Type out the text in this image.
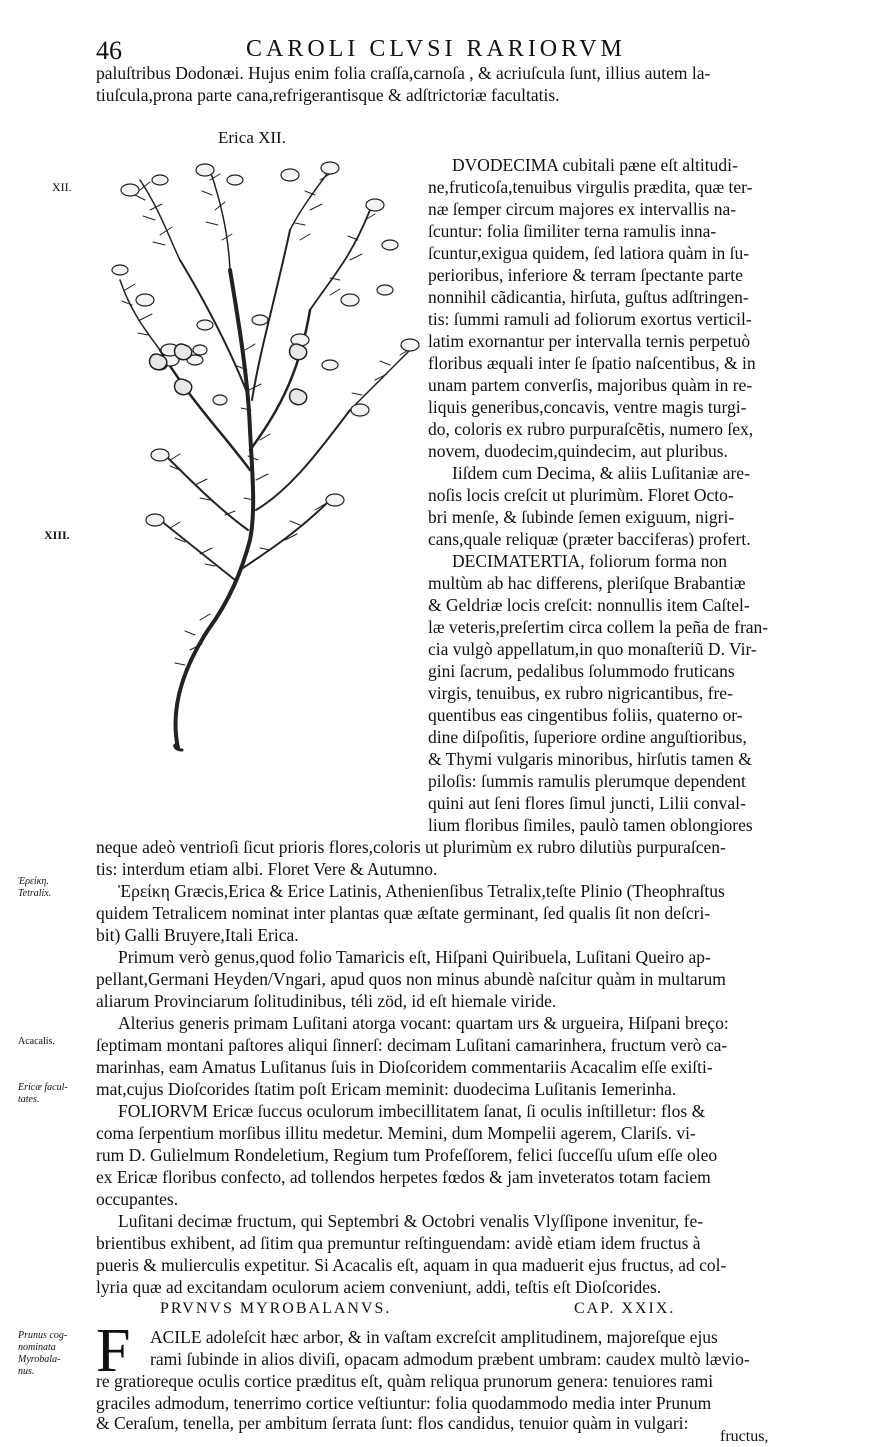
46	CAROLI CLVSI RARIORVM
paluſtribus Dodonæi. Hujus enim folia craſſa,carnoſa , & acriuſcula ſunt, illius autem la-
tiuſcula,prona parte cana,refrigerantisque & adſtrictoriæ facultatis.
Erica XII.
XII.
XIII.
DVODECIMA cubitali pæne eſt altitudi-
ne,fruticoſa,tenuibus virgulis prædita, quæ ter-
næ ſemper circum majores ex intervallis na-
ſcuntur: folia ſimiliter terna ramulis inna-
ſcuntur,exigua quidem, ſed latiora quàm in ſu-
perioribus, inferiore & terram ſpectante parte
nonnihil cãdicantia, hirſuta, guſtus adſtringen-
tis: ſummi ramuli ad foliorum exortus verticil-
latim exornantur per intervalla ternis perpetuò
floribus æquali inter ſe ſpatio naſcentibus, & in
unam partem converſis, majoribus quàm in re-
liquis generibus,concavis, ventre magis turgi-
do, coloris ex rubro purpuraſcẽtis, numero ſex,
novem, duodecim,quindecim, aut pluribus.
Iiſdem cum Decima, & aliis Luſitaniæ are-
noſis locis creſcit ut plurimùm. Floret Octo-
bri menſe, & ſubinde ſemen exiguum, nigri-
cans,quale reliquæ (præter bacciferas) profert.
DECIMATERTIA, foliorum forma non
multùm ab hac differens, pleriſque Brabantiæ
& Geldriæ locis creſcit: nonnullis item Caſtel-
læ veteris,preſertim circa collem la peña de fran-
cia vulgò appellatum,in quo monaſteriũ D. Vir-
gini ſacrum, pedalibus ſolummodo fruticans
virgis, tenuibus, ex rubro nigricantibus, fre-
quentibus eas cingentibus foliis, quaterno or-
dine diſpoſitis, ſuperiore ordine anguſtioribus,
& Thymi vulgaris minoribus, hirſutis tamen &
piloſis: ſummis ramulis plerumque dependent
quini aut ſeni flores ſimul juncti, Lilii conval-
lium floribus ſimiles, paulò tamen oblongiores
neque adeò ventrioſi ſicut prioris flores,coloris ut plurimùm ex rubro dilutiùs purpuraſcen-
tis: interdum etiam albi. Floret Vere & Autumno.
Ἐρείκη Græcis,Erica & Erice Latinis, Athenienſibus Tetralix,teſte Plinio (Theophraſtus
quidem Tetralicem nominat inter plantas quæ æſtate germinant, ſed qualis ſit non deſcri-
bit) Galli Bruyere,Itali Erica.
Primum verò genus,quod folio Tamaricis eſt, Hiſpani Quiribuela, Luſitani Queiro ap-
pellant,Germani Heyden/Vngari, apud quos non minus abundè naſcitur quàm in multarum
aliarum Provinciarum ſolitudinibus, téli zöd, id eſt hiemale viride.
Alterius generis primam Luſitani atorga vocant: quartam urs & urgueira, Hiſpani breço:
ſeptimam montani paſtores aliqui ſinnerſ: decimam Luſitani camarinhera, fructum verò ca-
marinhas, eam Amatus Luſitanus ſuis in Dioſcoridem commentariis Acacalim eſſe exiſti-
mat,cujus Dioſcorides ſtatim poſt Ericam meminit: duodecima Luſitanis Iemerinha.
FOLIORVM Ericæ ſuccus oculorum imbecillitatem ſanat, ſi oculis inſtilletur: flos &
coma ſerpentium morſibus illitu medetur. Memini, dum Mompelii agerem, Clariſs. vi-
rum D. Gulielmum Rondeletium, Regium tum Profeſſorem, felici ſucceſſu uſum eſſe oleo
ex Ericæ floribus confecto, ad tollendos herpetes fœdos & jam inveteratos totam faciem
occupantes.
Luſitani decimæ fructum, qui Septembri & Octobri venalis Vlyſſipone invenitur, fe-
brientibus exhibent, ad ſitim qua premuntur reſtinguendam: avidè etiam idem fructus à
pueris & mulierculis expetitur. Si Acacalis eſt, aquam in qua maduerit ejus fructus, ad col-
lyria quæ ad excitandam oculorum aciem conveniunt, addi, teſtis eſt Dioſcorides.
PRVNVS MYROBALANVS.	CAP. XXIX.
F ACILE adoleſcit hæc arbor, & in vaſtam excreſcit amplitudinem, majoreſque ejus
rami ſubinde in alios diviſi, opacam admodum præbent umbram: caudex multò lævio-
re gratioreque oculis cortice præditus eſt, quàm reliqua prunorum genera: tenuiores rami
graciles admodum, tenerrimo cortice veſtiuntur: folia quodammodo media inter Prunum
& Ceraſum, tenella, per ambitum ſerrata ſunt: flos candidus, tenuior quàm in vulgari:
fructus,
Ἐρείκη.
Tetralix.
Acacalis.
Ericæ facul-
tates.
Prunus cog-
nominata
Myrobala-
nus.
